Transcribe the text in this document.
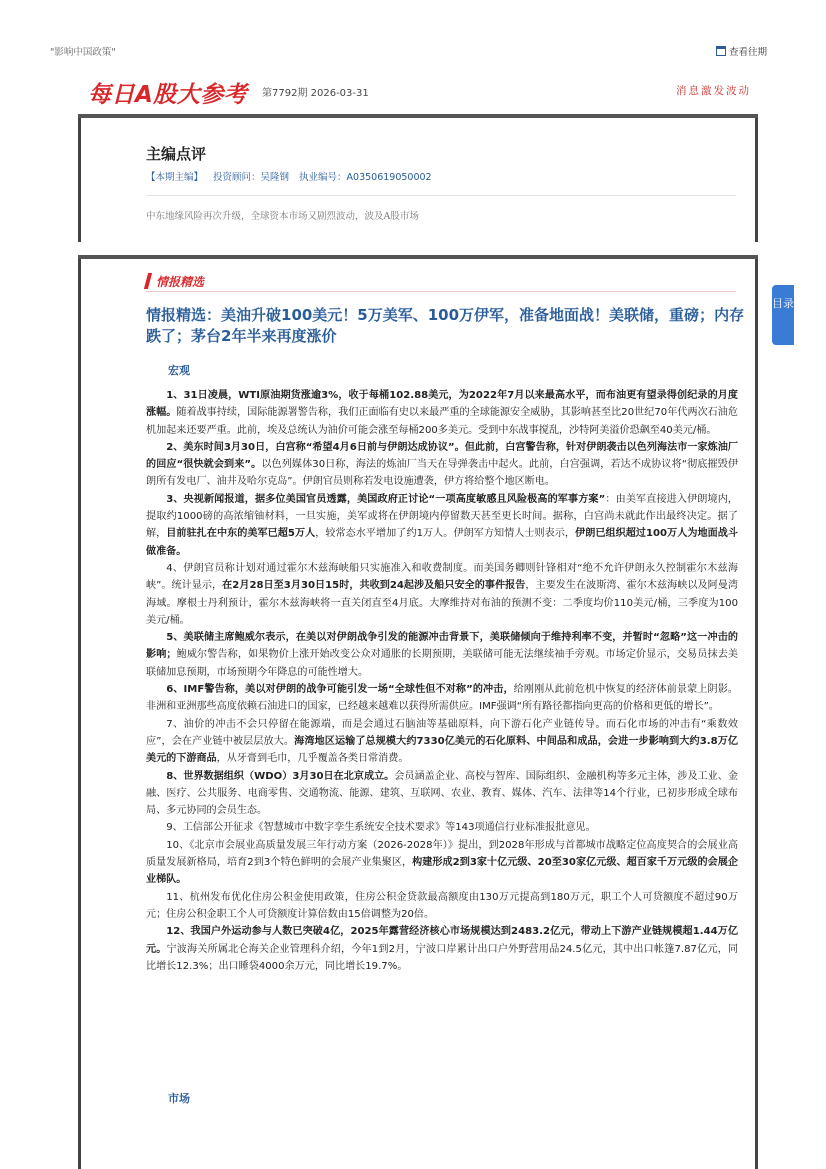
"影响中国政策"	查看往期
每日A股大参考 第7792期 2026-03-31	消息激发波动
主编点评
【本期主编】 投资顾问：吴隆钢 执业编号：A0350619050002
中东地缘风险再次升级，全球资本市场又剧烈波动，波及A股市场
情报精选
情报精选：美油升破100美元！5万美军、100万伊军，准备地面战！美联储，重磅；内存跌了；茅台2年半来再度涨价
宏观

1、31日凌晨，WTI原油期货涨逾3%，收于每桶102.88美元，为2022年7月以来最高水平，而布油更有望录得创纪录的月度涨幅。随着战事持续，国际能源署警告称，我们正面临有史以来最严重的全球能源安全威胁，其影响甚至比20世纪70年代两次石油危机加起来还要严重。此前，埃及总统认为油价可能会涨至每桶200多美元。受到中东战事搅乱，沙特阿美溢价恐飙至40美元/桶。

2、美东时间3月30日，白宫称“希望4月6日前与伊朗达成协议”。但此前，白宫警告称，针对伊朗袭击以色列海法市一家炼油厂的回应“很快就会到来”。以色列媒体30日称，海法的炼油厂当天在导弹袭击中起火。此前，白宫强调，若达不成协议将“彻底摧毁伊朗所有发电厂、油井及哈尔克岛”。伊朗官员则称若发电设施遭袭，伊方将给整个地区断电。

3、央视新闻报道，据多位美国官员透露，美国政府正讨论“一项高度敏感且风险极高的军事方案”：由美军直接进入伊朗境内，提取约1000磅的高浓缩铀材料，一旦实施，美军或将在伊朗境内停留数天甚至更长时间。据称，白宫尚未就此作出最终决定。据了解，目前驻扎在中东的美军已超5万人，较常态水平增加了约1万人。伊朗军方知情人士则表示，伊朗已组织超过100万人为地面战斗做准备。

4、伊朗官员称计划对通过霍尔木兹海峡船只实施准入和收费制度。而美国务卿则针锋相对“绝不允许伊朗永久控制霍尔木兹海峡”。统计显示，在2月28日至3月30日15时，共收到24起涉及船只安全的事件报告，主要发生在波斯湾、霍尔木兹海峡以及阿曼湾海域。摩根士丹利预计，霍尔木兹海峡将一直关闭直至4月底。大摩维持对布油的预测不变：二季度均价110美元/桶，三季度为100美元/桶。

5、美联储主席鲍威尔表示，在美以对伊朗战争引发的能源冲击背景下，美联储倾向于维持利率不变，并暂时“忽略”这一冲击的影响；鲍威尔警告称，如果物价上涨开始改变公众对通胀的长期预期，美联储可能无法继续袖手旁观。市场定价显示，交易员抹去美联储加息预期，市场预期今年降息的可能性增大。

6、IMF警告称，美以对伊朗的战争可能引发一场“全球性但不对称”的冲击，给刚刚从此前危机中恢复的经济体前景蒙上阴影。非洲和亚洲那些高度依赖石油进口的国家，已经越来越难以获得所需供应。IMF强调“所有路径都指向更高的价格和更低的增长”。

7、油价的冲击不会只停留在能源端，而是会通过石脑油等基础原料，向下游石化产业链传导。而石化市场的冲击有“乘数效应”，会在产业链中被层层放大。海湾地区运输了总规模大约7330亿美元的石化原料、中间品和成品，会进一步影响到大约3.8万亿美元的下游商品，从牙膏到毛巾，几乎覆盖各类日常消费。

8、世界数据组织（WDO）3月30日在北京成立。会员涵盖企业、高校与智库、国际组织、金融机构等多元主体，涉及工业、金融、医疗、公共服务、电商零售、交通物流、能源、建筑、互联网、农业、教育、媒体、汽车、法律等14个行业，已初步形成全球布局、多元协同的会员生态。

9、工信部公开征求《智慧城市中数字孪生系统安全技术要求》等143项通信行业标准报批意见。

10、《北京市会展业高质量发展三年行动方案（2026-2028年）》提出，到2028年形成与首都城市战略定位高度契合的会展业高质量发展新格局，培育2到3个特色鲜明的会展产业集聚区，构建形成2到3家十亿元级、20至30家亿元级、超百家千万元级的会展企业梯队。

11、杭州发布优化住房公积金使用政策，住房公积金贷款最高额度由130万元提高到180万元，职工个人可贷额度不超过90万元；住房公积金职工个人可贷额度计算倍数由15倍调整为20倍。

12、我国户外运动参与人数已突破4亿，2025年露营经济核心市场规模达到2483.2亿元，带动上下游产业链规模超1.44万亿元。宁波海关所属北仑海关企业管理科介绍，今年1到2月，宁波口岸累计出口户外野营用品24.5亿元，其中出口帐篷7.87亿元，同比增长12.3%；出口睡袋4000余万元，同比增长19.7%。

市场
目录
